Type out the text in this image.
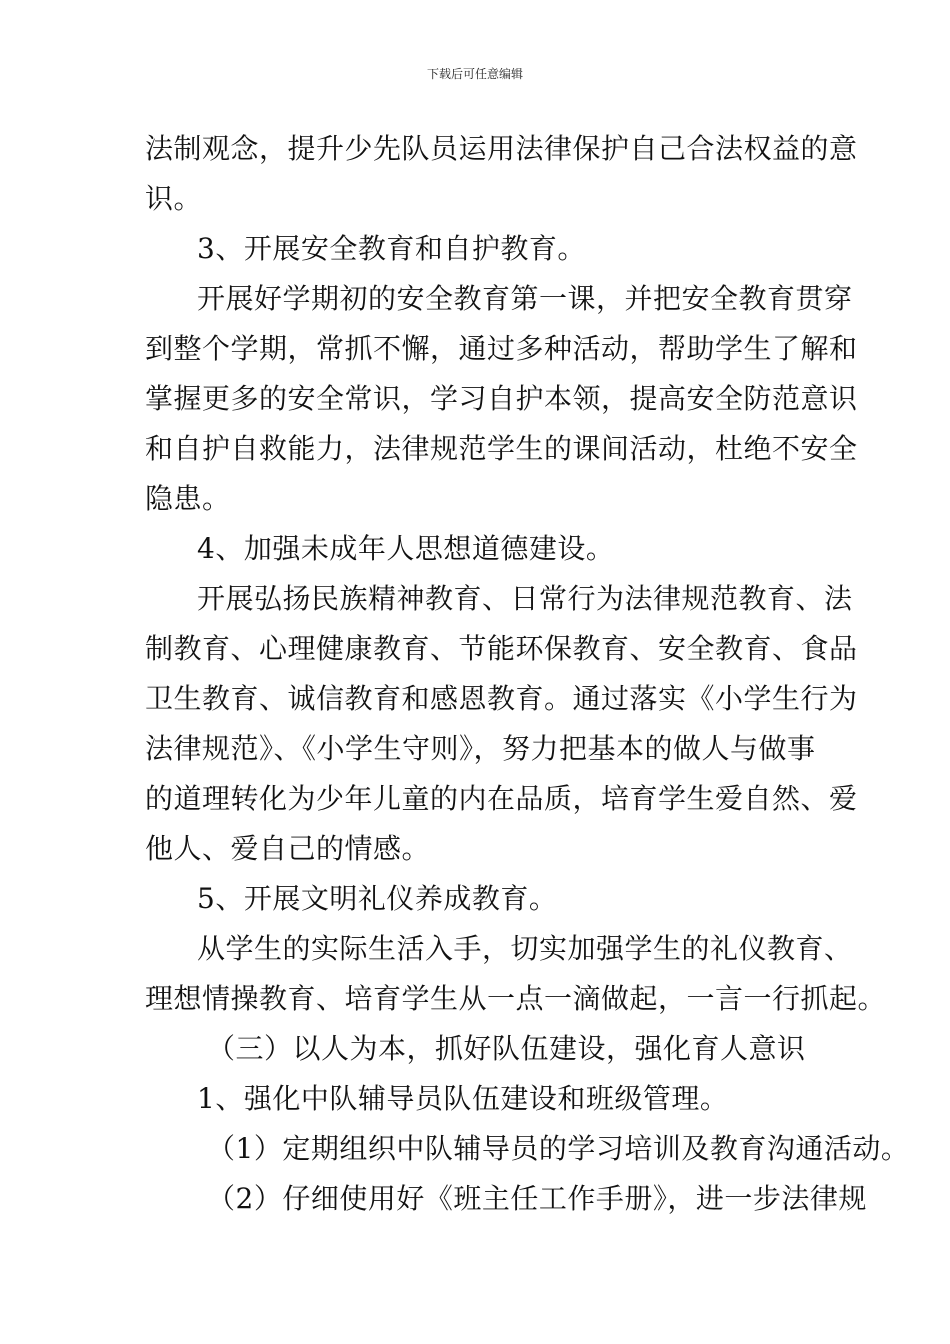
下载后可任意编辑
法制观念，提升少先队员运用法律保护自己合法权益的意
识。
3、开展安全教育和自护教育。
开展好学期初的安全教育第一课，并把安全教育贯穿
到整个学期，常抓不懈，通过多种活动，帮助学生了解和
掌握更多的安全常识，学习自护本领，提高安全防范意识
和自护自救能力，法律规范学生的课间活动，杜绝不安全
隐患。
4、加强未成年人思想道德建设。
开展弘扬民族精神教育、日常行为法律规范教育、法
制教育、心理健康教育、节能环保教育、安全教育、食品
卫生教育、诚信教育和感恩教育。通过落实《小学生行为
法律规范》、《小学生守则》，努力把基本的做人与做事
的道理转化为少年儿童的内在品质，培育学生爱自然、爱
他人、爱自己的情感。
5、开展文明礼仪养成教育。
从学生的实际生活入手，切实加强学生的礼仪教育、
理想情操教育、培育学生从一点一滴做起，一言一行抓起。
（三）以人为本，抓好队伍建设，强化育人意识
1、强化中队辅导员队伍建设和班级管理。
（1）定期组织中队辅导员的学习培训及教育沟通活动。
（2）仔细使用好《班主任工作手册》，进一步法律规
